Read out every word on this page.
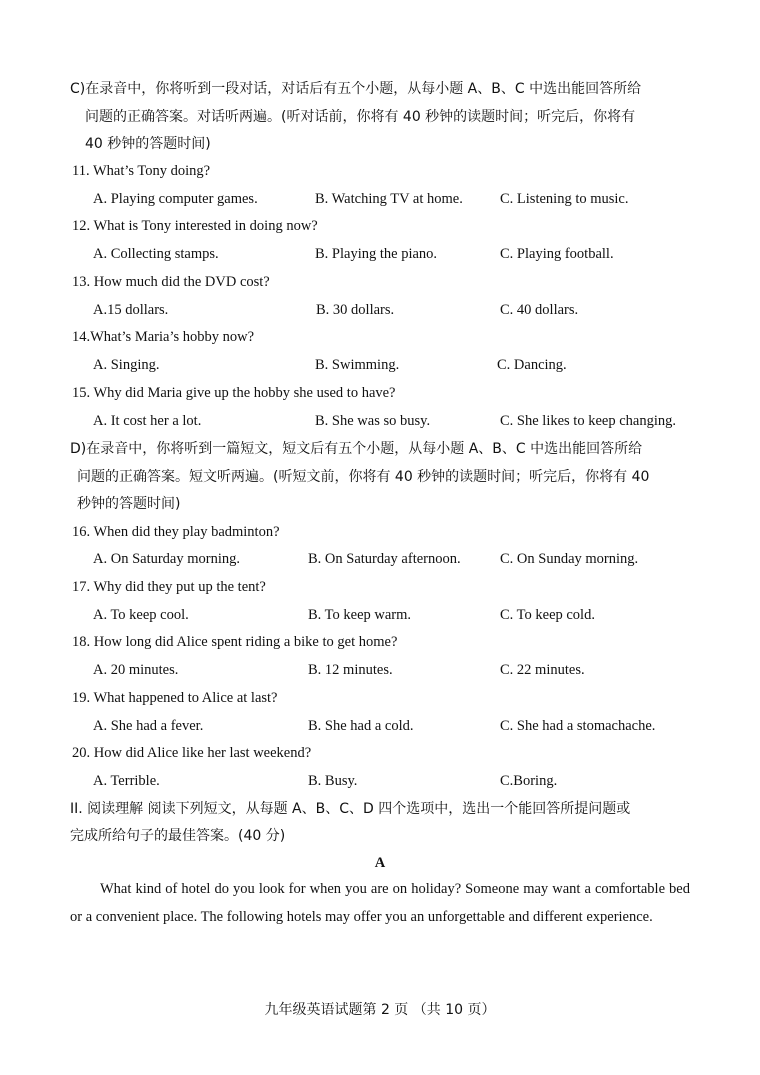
C)在录音中，你将听到一段对话，对话后有五个小题，从每小题 A、B、C 中选出能回答所给
问题的正确答案。对话听两遍。(听对话前，你将有 40 秒钟的读题时间；听完后，你将有
40 秒钟的答题时间)
11. What’s Tony doing?
A. Playing computer games.	B. Watching TV at home.	C. Listening to music.
12. What is Tony interested in doing now?
A. Collecting stamps.	B. Playing the piano.	C. Playing football.
13. How much did the DVD cost?
A.15 dollars.	B. 30 dollars.	C. 40 dollars.
14.What’s Maria’s hobby now?
A. Singing.	B. Swimming.	C. Dancing.
15. Why did Maria give up the hobby she used to have?
A. It cost her a lot.	B. She was so busy.	C. She likes to keep changing.
D)在录音中，你将听到一篇短文，短文后有五个小题，从每小题 A、B、C 中选出能回答所给
问题的正确答案。短文听两遍。(听短文前，你将有 40 秒钟的读题时间；听完后，你将有 40
秒钟的答题时间)
16. When did they play badminton?
A. On Saturday morning.	B. On Saturday afternoon.	C. On Sunday morning.
17. Why did they put up the tent?
A. To keep cool.	B. To keep warm.	C. To keep cold.
18. How long did Alice spent riding a bike to get home?
A. 20 minutes.	B. 12 minutes.	C. 22 minutes.
19. What happened to Alice at last?
A. She had a fever.	B. She had a cold.	C. She had a stomachache.
20. How did Alice like her last weekend?
A. Terrible.	B. Busy.	C.Boring.
II. 阅读理解 阅读下列短文，从每题 A、B、C、D 四个选项中，选出一个能回答所提问题或
完成所给句子的最佳答案。(40 分)
A
What kind of hotel do you look for when you are on holiday? Someone may want a comfortable bed or a convenient place. The following hotels may offer you an unforgettable and different experience.
九年级英语试题第 2 页 （共 10 页）
